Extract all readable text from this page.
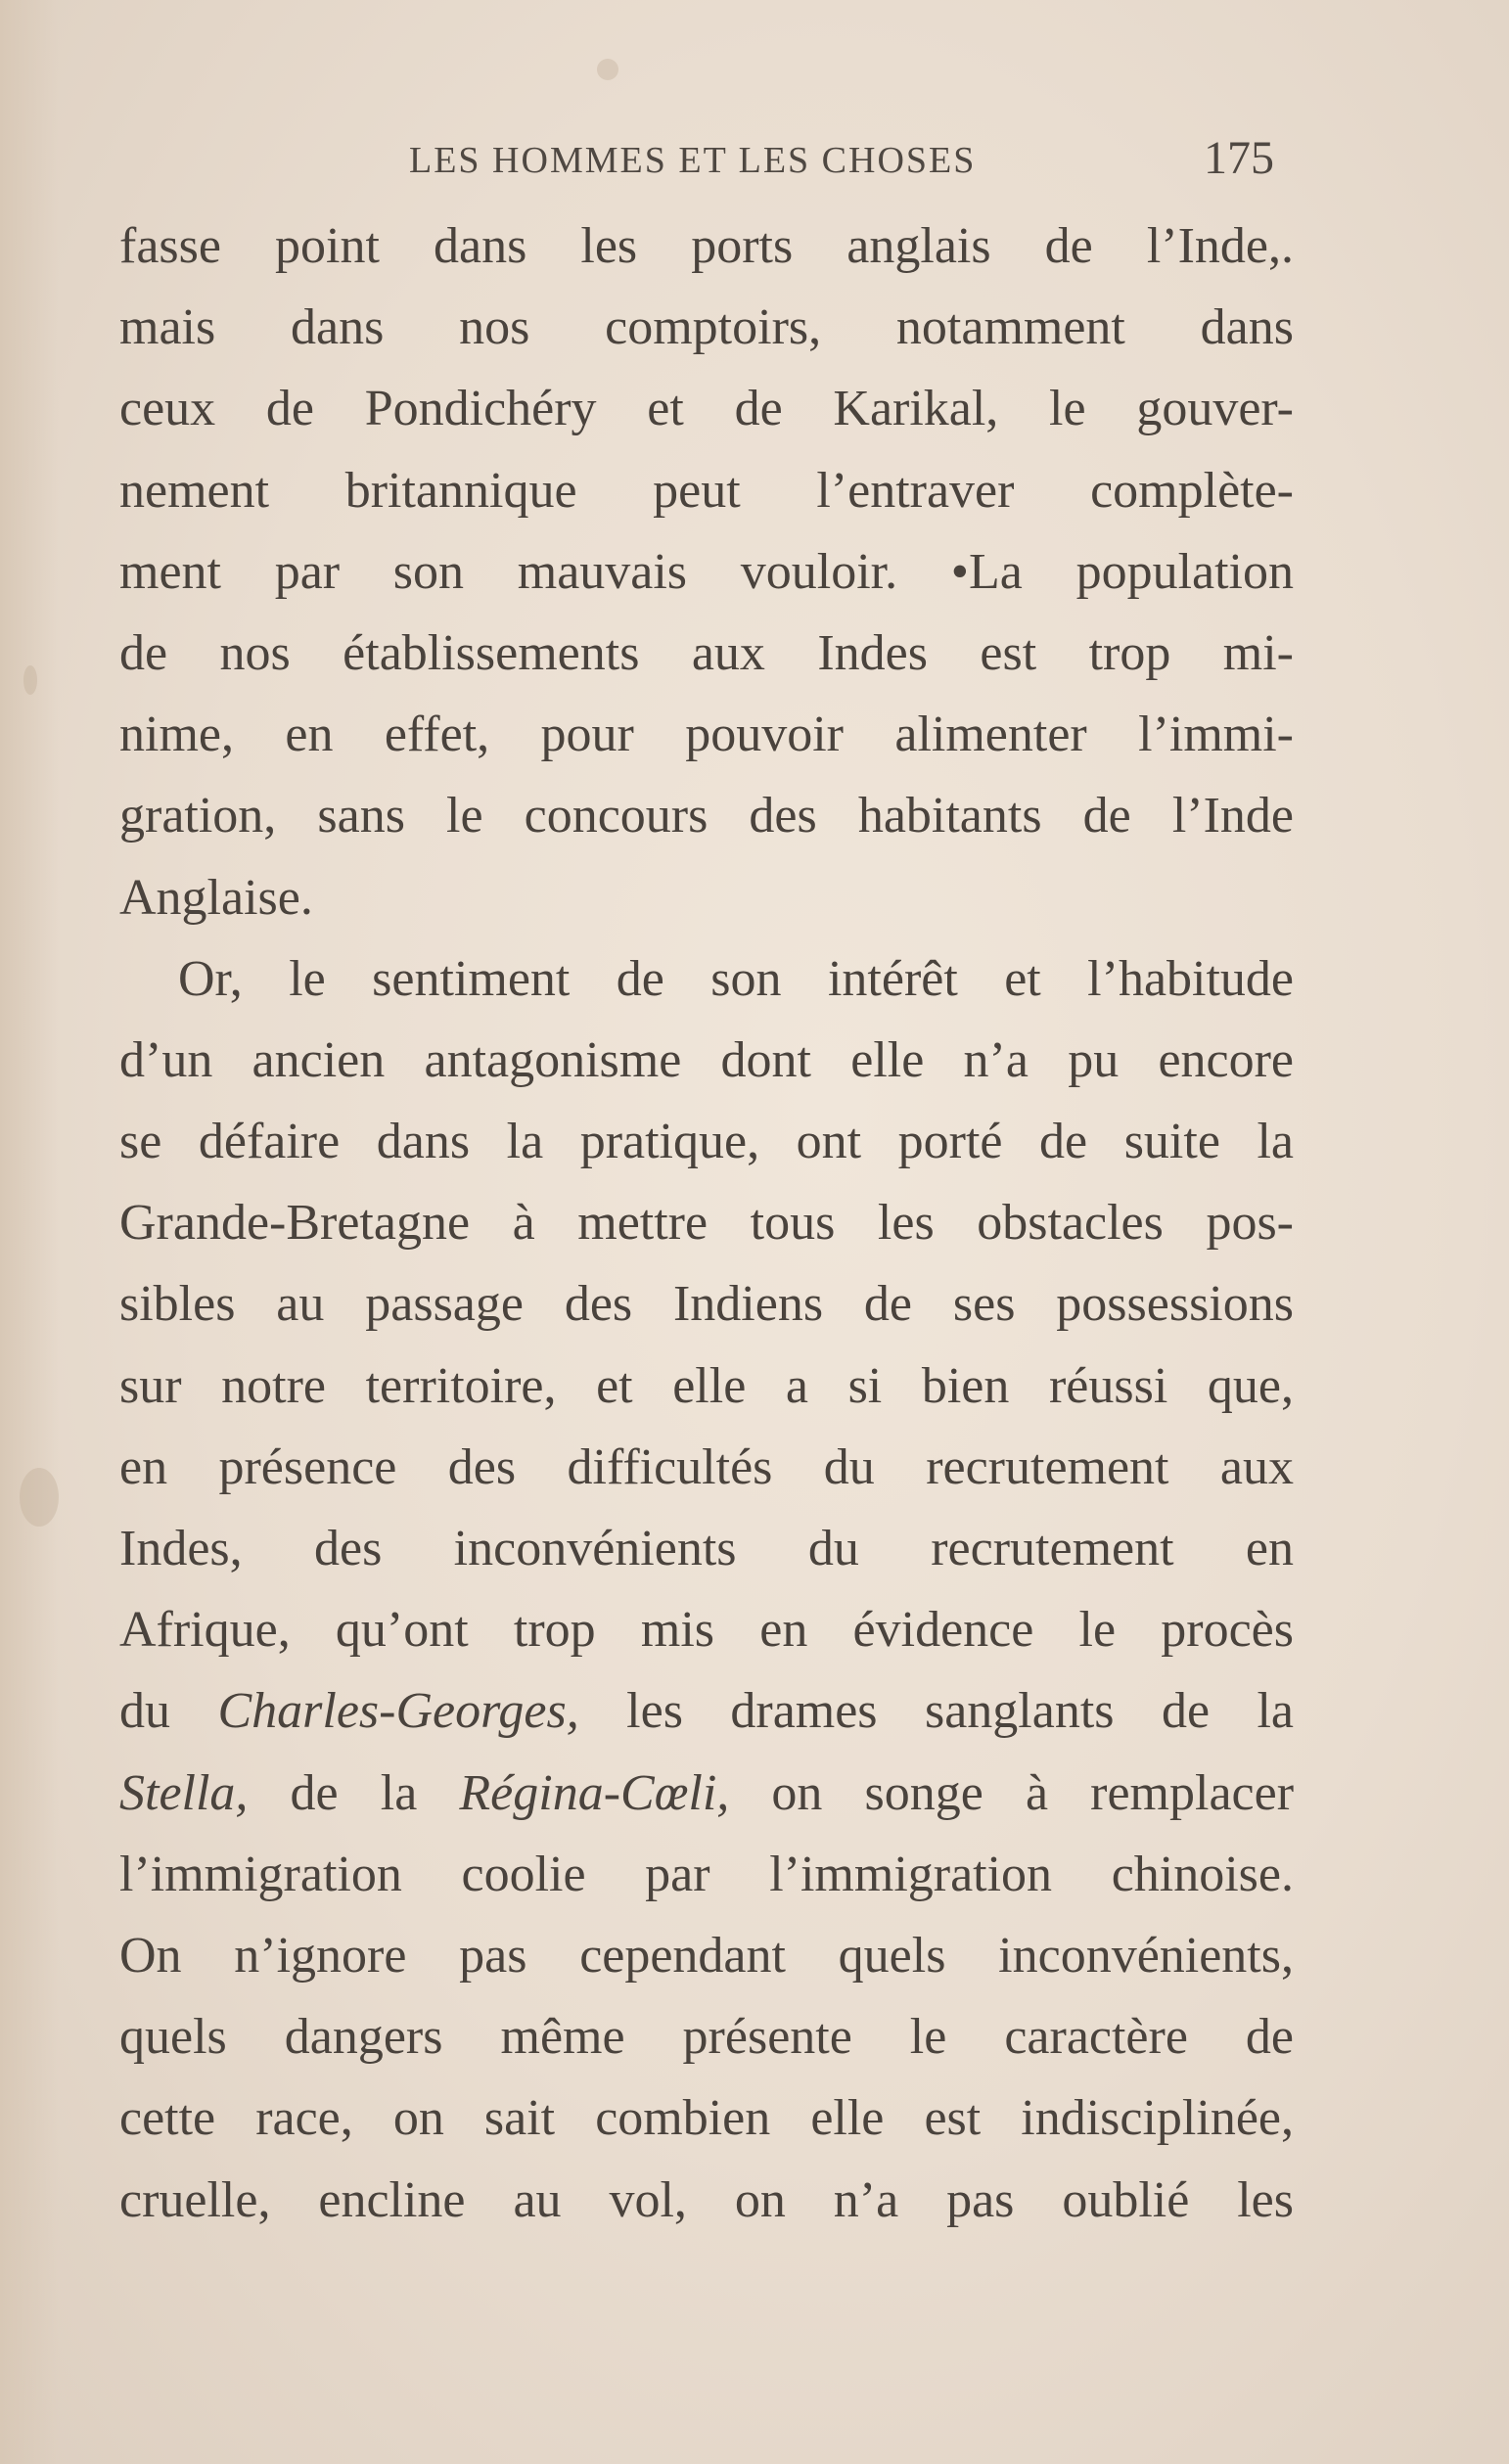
LES HOMMES ET LES CHOSES	175
fasse point dans les ports anglais de l’Inde,.
mais dans nos comptoirs, notamment dans
ceux de Pondichéry et de Karikal, le gouver-
nement britannique peut l’entraver complète-
ment par son mauvais vouloir. •La population
de nos établissements aux Indes est trop mi-
nime, en effet, pour pouvoir alimenter l’immi-
gration, sans le concours des habitants de l’Inde
Anglaise.
Or, le sentiment de son intérêt et l’habitude
d’un ancien antagonisme dont elle n’a pu encore
se défaire dans la pratique, ont porté de suite la
Grande-Bretagne à mettre tous les obstacles pos-
sibles au passage des Indiens de ses possessions
sur notre territoire, et elle a si bien réussi que,
en présence des difficultés du recrutement aux
Indes, des inconvénients du recrutement en
Afrique, qu’ont trop mis en évidence le procès
du Charles-Georges, les drames sanglants de la
Stella, de la Régina-Cœli, on songe à remplacer
l’immigration coolie par l’immigration chinoise.
On n’ignore pas cependant quels inconvénients,
quels dangers même présente le caractère de
cette race, on sait combien elle est indisciplinée,
cruelle, encline au vol, on n’a pas oublié les
